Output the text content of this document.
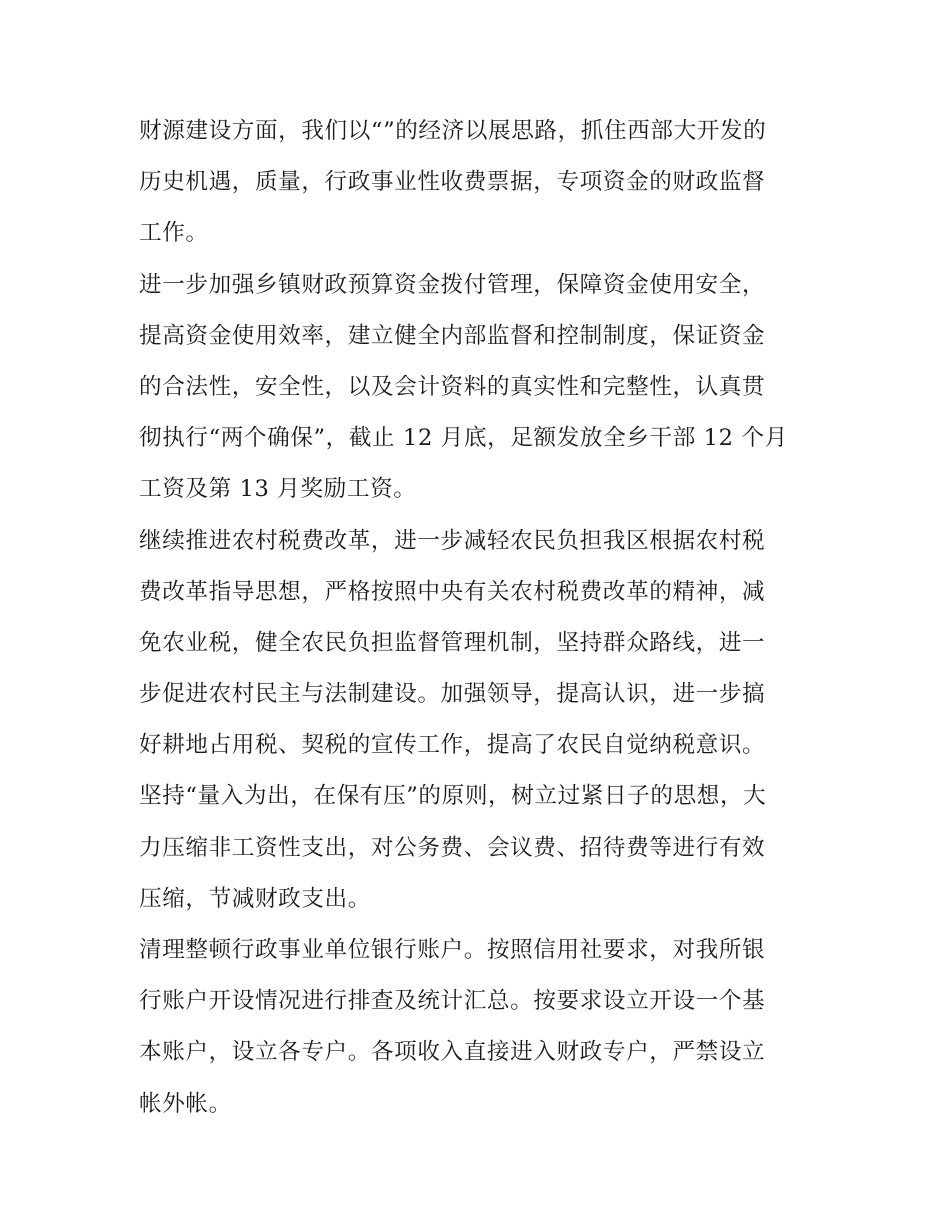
财源建设方面，我们以“”的经济以展思路，抓住西部大开发的
历史机遇，质量，行政事业性收费票据，专项资金的财政监督
工作。

进一步加强乡镇财政预算资金拨付管理，保障资金使用安全，
提高资金使用效率，建立健全内部监督和控制制度，保证资金
的合法性，安全性，以及会计资料的真实性和完整性，认真贯
彻执行“两个确保”，截止 12 月底，足额发放全乡干部 12 个月
工资及第 13 月奖励工资。

继续推进农村税费改革，进一步减轻农民负担我区根据农村税
费改革指导思想，严格按照中央有关农村税费改革的精神，减
免农业税，健全农民负担监督管理机制，坚持群众路线，进一
步促进农村民主与法制建设。加强领导，提高认识，进一步搞
好耕地占用税、契税的宣传工作，提高了农民自觉纳税意识。

坚持“量入为出，在保有压”的原则，树立过紧日子的思想，大
力压缩非工资性支出，对公务费、会议费、招待费等进行有效
压缩，节减财政支出。

清理整顿行政事业单位银行账户。按照信用社要求，对我所银
行账户开设情况进行排查及统计汇总。按要求设立开设一个基
本账户，设立各专户。各项收入直接进入财政专户，严禁设立
帐外帐。
